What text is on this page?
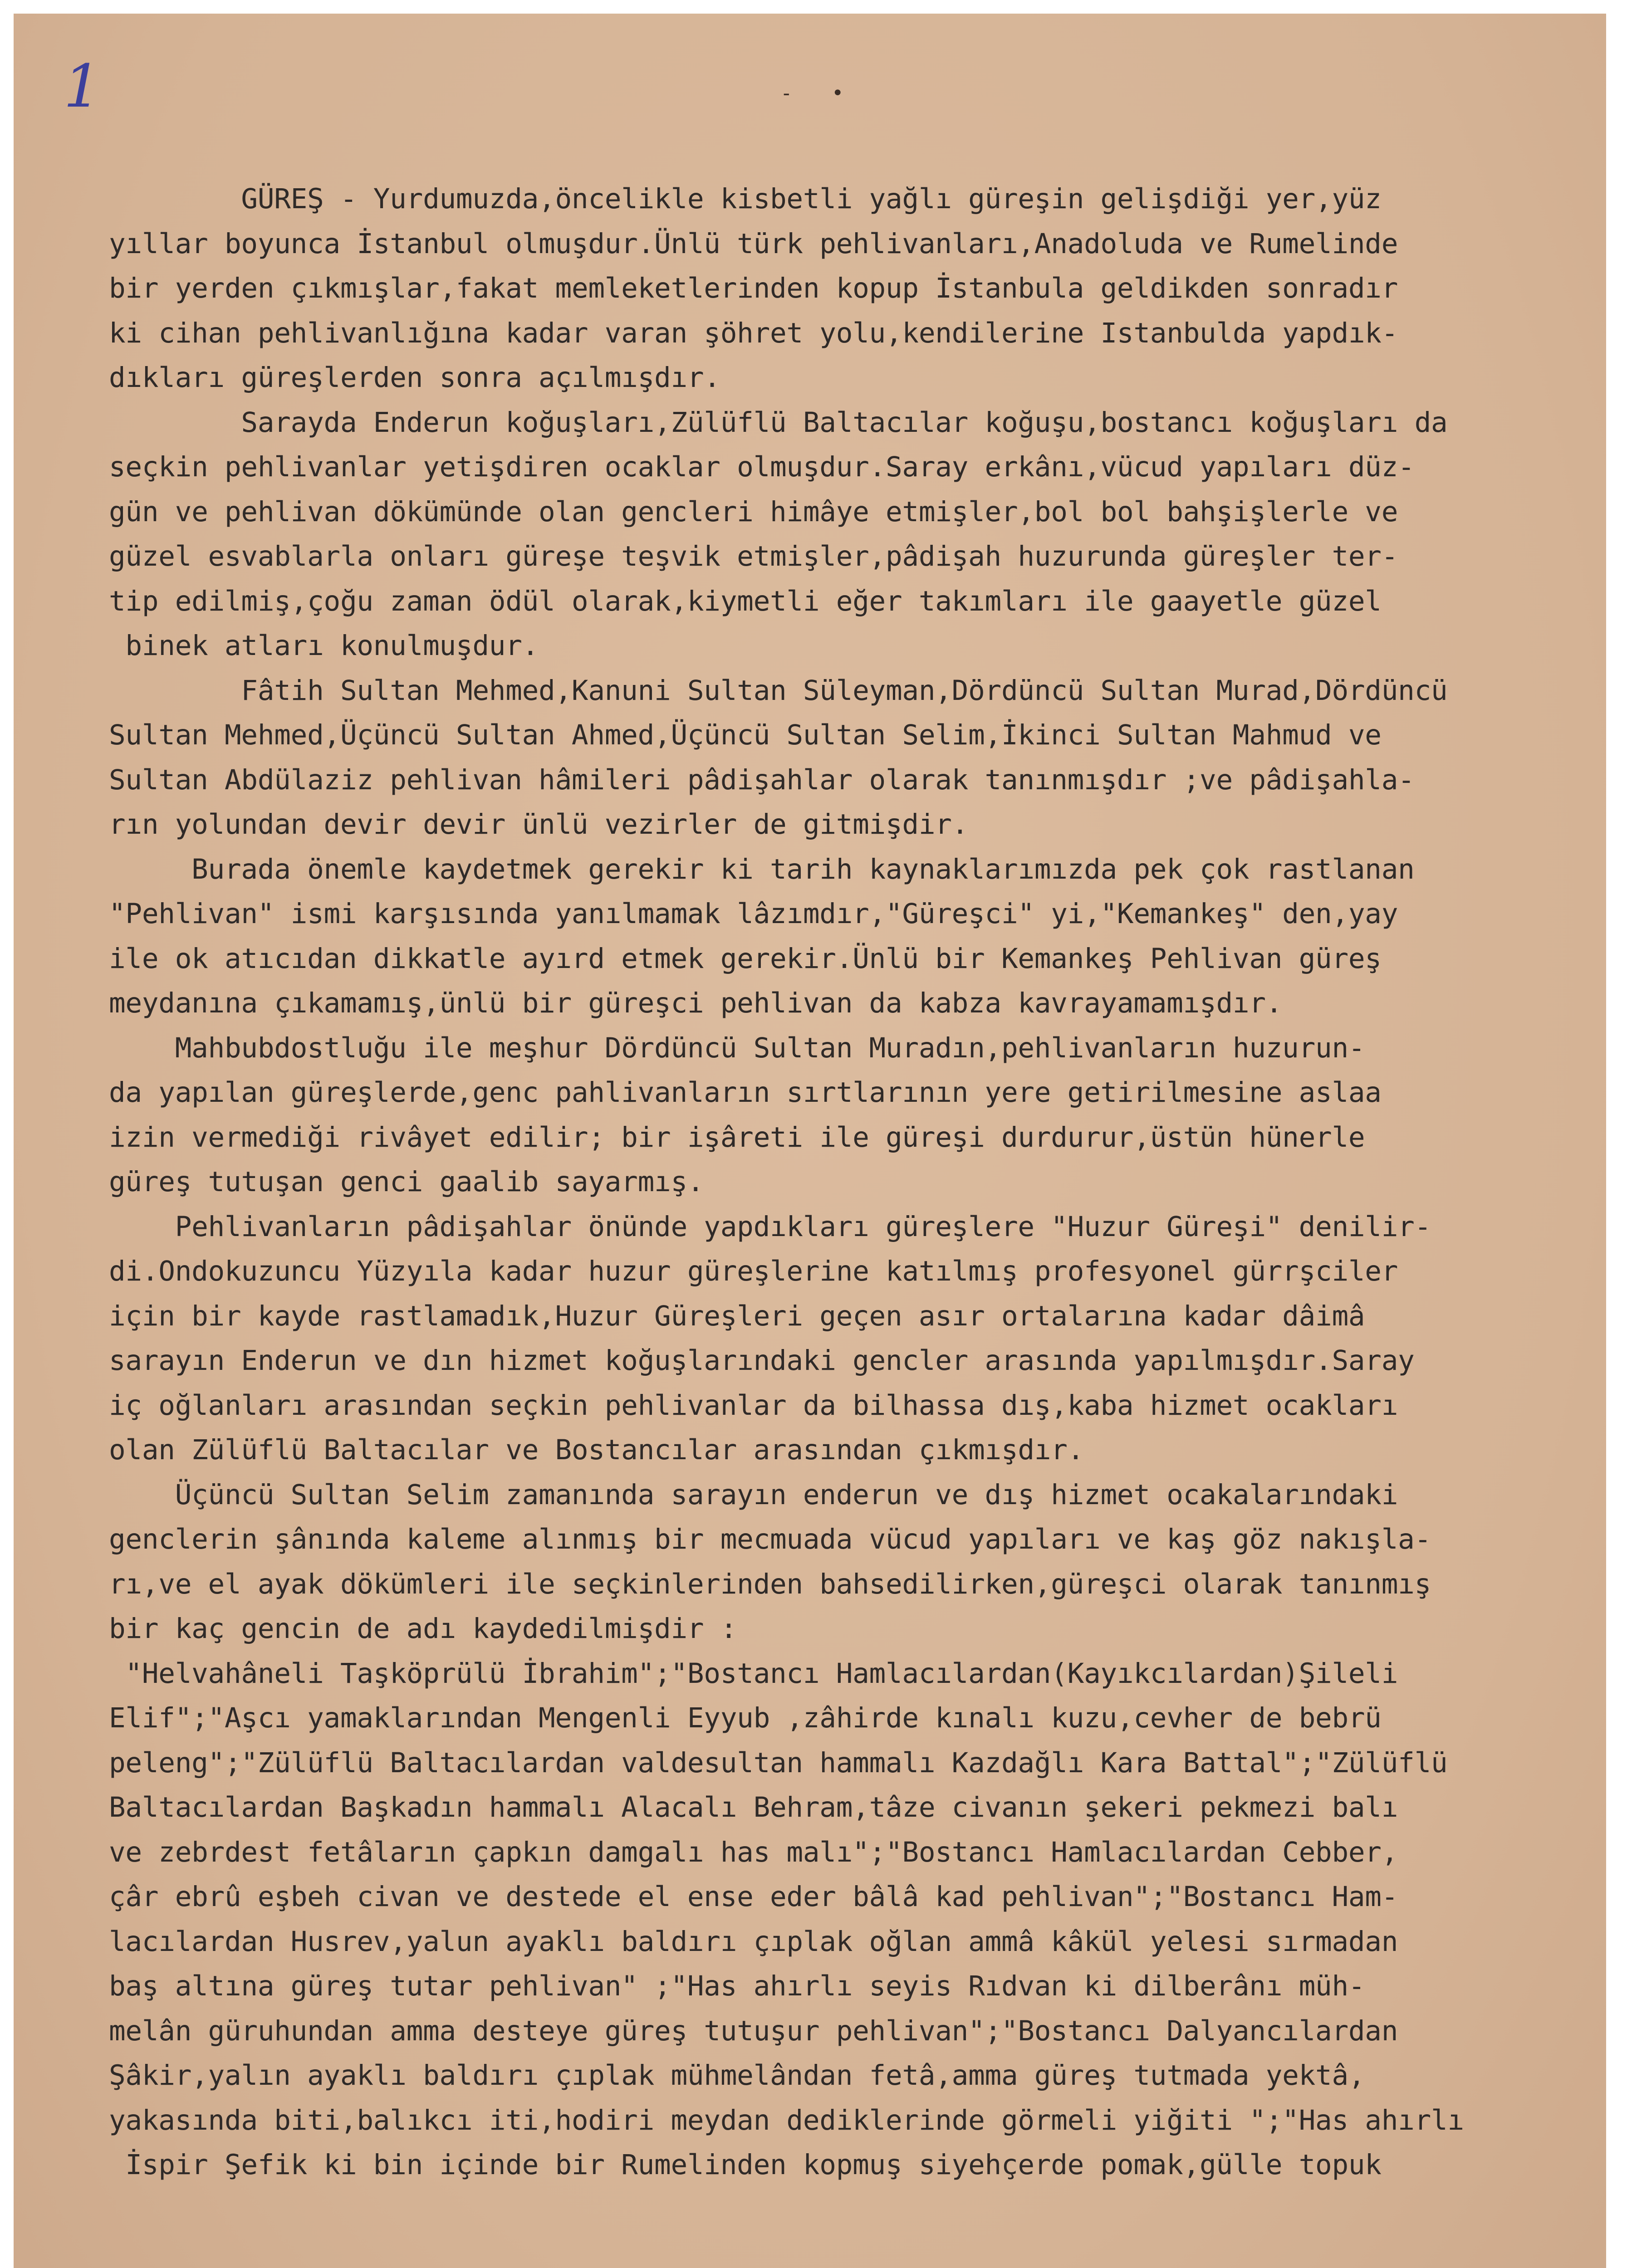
1	- •
GÜREŞ - Yurdumuzda,öncelikle kisbetli yağlı güreşin gelişdiği yer,yüz
yıllar boyunca İstanbul olmuşdur.Ünlü türk pehlivanları,Anadoluda ve Rumelinde
bir yerden çıkmışlar,fakat memleketlerinden kopup İstanbula geldikden sonradır
ki cihan pehlivanlığına kadar varan şöhret yolu,kendilerine Istanbulda yapdık-
dıkları güreşlerden sonra açılmışdır.
Sarayda Enderun koğuşları,Zülüflü Baltacılar koğuşu,bostancı koğuşları da
seçkin pehlivanlar yetişdiren ocaklar olmuşdur.Saray erkânı,vücud yapıları düz-
gün ve pehlivan dökümünde olan gencleri himâye etmişler,bol bol bahşişlerle ve
güzel esvablarla onları güreşe teşvik etmişler,pâdişah huzurunda güreşler ter-
tip edilmiş,çoğu zaman ödül olarak,kiymetli eğer takımları ile gaayetle güzel
binek atları konulmuşdur.
Fâtih Sultan Mehmed,Kanuni Sultan Süleyman,Dördüncü Sultan Murad,Dördüncü
Sultan Mehmed,Üçüncü Sultan Ahmed,Üçüncü Sultan Selim,İkinci Sultan Mahmud ve
Sultan Abdülaziz pehlivan hâmileri pâdişahlar olarak tanınmışdır ;ve pâdişahla-
rın yolundan devir devir ünlü vezirler de gitmişdir.
Burada önemle kaydetmek gerekir ki tarih kaynaklarımızda pek çok rastlanan
"Pehlivan" ismi karşısında yanılmamak lâzımdır,"Güreşci" yi,"Kemankeş" den,yay
ile ok atıcıdan dikkatle ayırd etmek gerekir.Ünlü bir Kemankeş Pehlivan güreş
meydanına çıkamamış,ünlü bir güreşci pehlivan da kabza kavrayamamışdır.
Mahbubdostluğu ile meşhur Dördüncü Sultan Muradın,pehlivanların huzurun-
da yapılan güreşlerde,genc pahlivanların sırtlarının yere getirilmesine aslaa
izin vermediği rivâyet edilir; bir işâreti ile güreşi durdurur,üstün hünerle
güreş tutuşan genci gaalib sayarmış.
Pehlivanların pâdişahlar önünde yapdıkları güreşlere "Huzur Güreşi" denilir-
di.Ondokuzuncu Yüzyıla kadar huzur güreşlerine katılmış profesyonel gürrşciler
için bir kayde rastlamadık,Huzur Güreşleri geçen asır ortalarına kadar dâimâ
sarayın Enderun ve dın hizmet koğuşlarındaki gencler arasında yapılmışdır.Saray
iç oğlanları arasından seçkin pehlivanlar da bilhassa dış,kaba hizmet ocakları
olan Zülüflü Baltacılar ve Bostancılar arasından çıkmışdır.
Üçüncü Sultan Selim zamanında sarayın enderun ve dış hizmet ocakalarındaki
genclerin şânında kaleme alınmış bir mecmuada vücud yapıları ve kaş göz nakışla-
rı,ve el ayak dökümleri ile seçkinlerinden bahsedilirken,güreşci olarak tanınmış
bir kaç gencin de adı kaydedilmişdir :
"Helvahâneli Taşköprülü İbrahim";"Bostancı Hamlacılardan(Kayıkcılardan)Şileli
Elif";"Aşcı yamaklarından Mengenli Eyyub ,zâhirde kınalı kuzu,cevher de bebrü
peleng";"Zülüflü Baltacılardan valdesultan hammalı Kazdağlı Kara Battal";"Zülüflü
Baltacılardan Başkadın hammalı Alacalı Behram,tâze civanın şekeri pekmezi balı
ve zebrdest fetâların çapkın damgalı has malı";"Bostancı Hamlacılardan Cebber,
çâr ebrû eşbeh civan ve destede el ense eder bâlâ kad pehlivan";"Bostancı Ham-
lacılardan Husrev,yalun ayaklı baldırı çıplak oğlan ammâ kâkül yelesi sırmadan
baş altına güreş tutar pehlivan" ;"Has ahırlı seyis Rıdvan ki dilberânı müh-
melân güruhundan amma desteye güreş tutuşur pehlivan";"Bostancı Dalyancılardan
Şâkir,yalın ayaklı baldırı çıplak mühmelândan fetâ,amma güreş tutmada yektâ,
yakasında biti,balıkcı iti,hodiri meydan dediklerinde görmeli yiğiti ";"Has ahırlı
İspir Şefik ki bin içinde bir Rumelinden kopmuş siyehçerde pomak,gülle topuk
